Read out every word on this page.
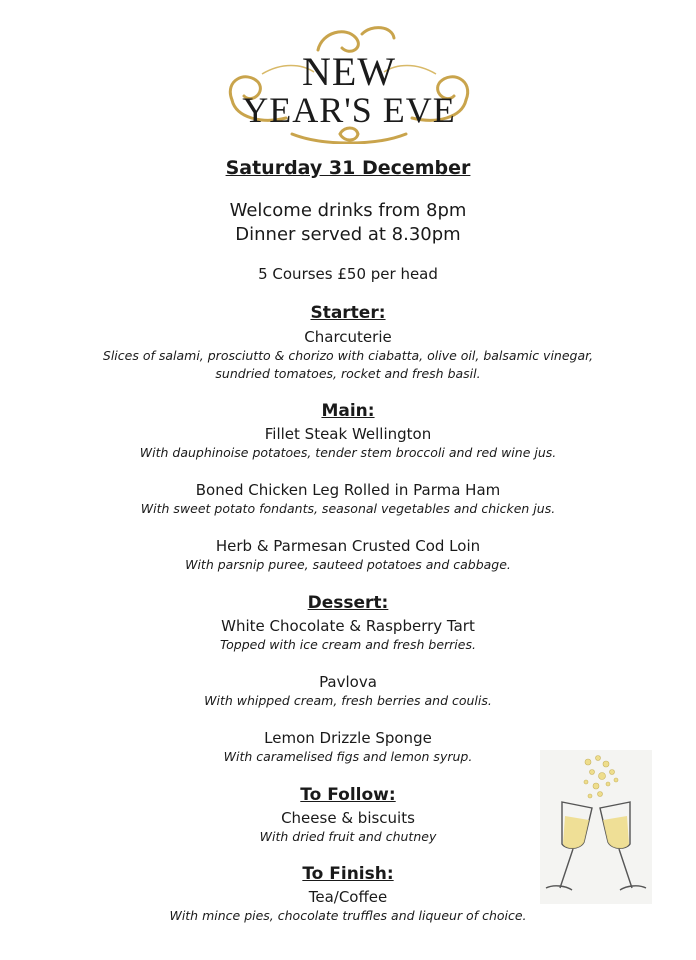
NEW
YEAR'S EVE
Saturday 31 December
Welcome drinks from 8pm
Dinner served at 8.30pm
5 Courses £50 per head
Starter:
Charcuterie
Slices of salami, prosciutto & chorizo with ciabatta, olive oil, balsamic vinegar,
sundried tomatoes, rocket and fresh basil.
Main:
Fillet Steak Wellington
With dauphinoise potatoes, tender stem broccoli and red wine jus.
Boned Chicken Leg Rolled in Parma Ham
With sweet potato fondants, seasonal vegetables and chicken jus.
Herb & Parmesan Crusted Cod Loin
With parsnip puree, sauteed potatoes and cabbage.
Dessert:
White Chocolate & Raspberry Tart
Topped with ice cream and fresh berries.
Pavlova
With whipped cream, fresh berries and coulis.
Lemon Drizzle Sponge
With caramelised figs and lemon syrup.
To Follow:
Cheese & biscuits
With dried fruit and chutney
To Finish:
Tea/Coffee
With mince pies, chocolate truffles and liqueur of choice.
